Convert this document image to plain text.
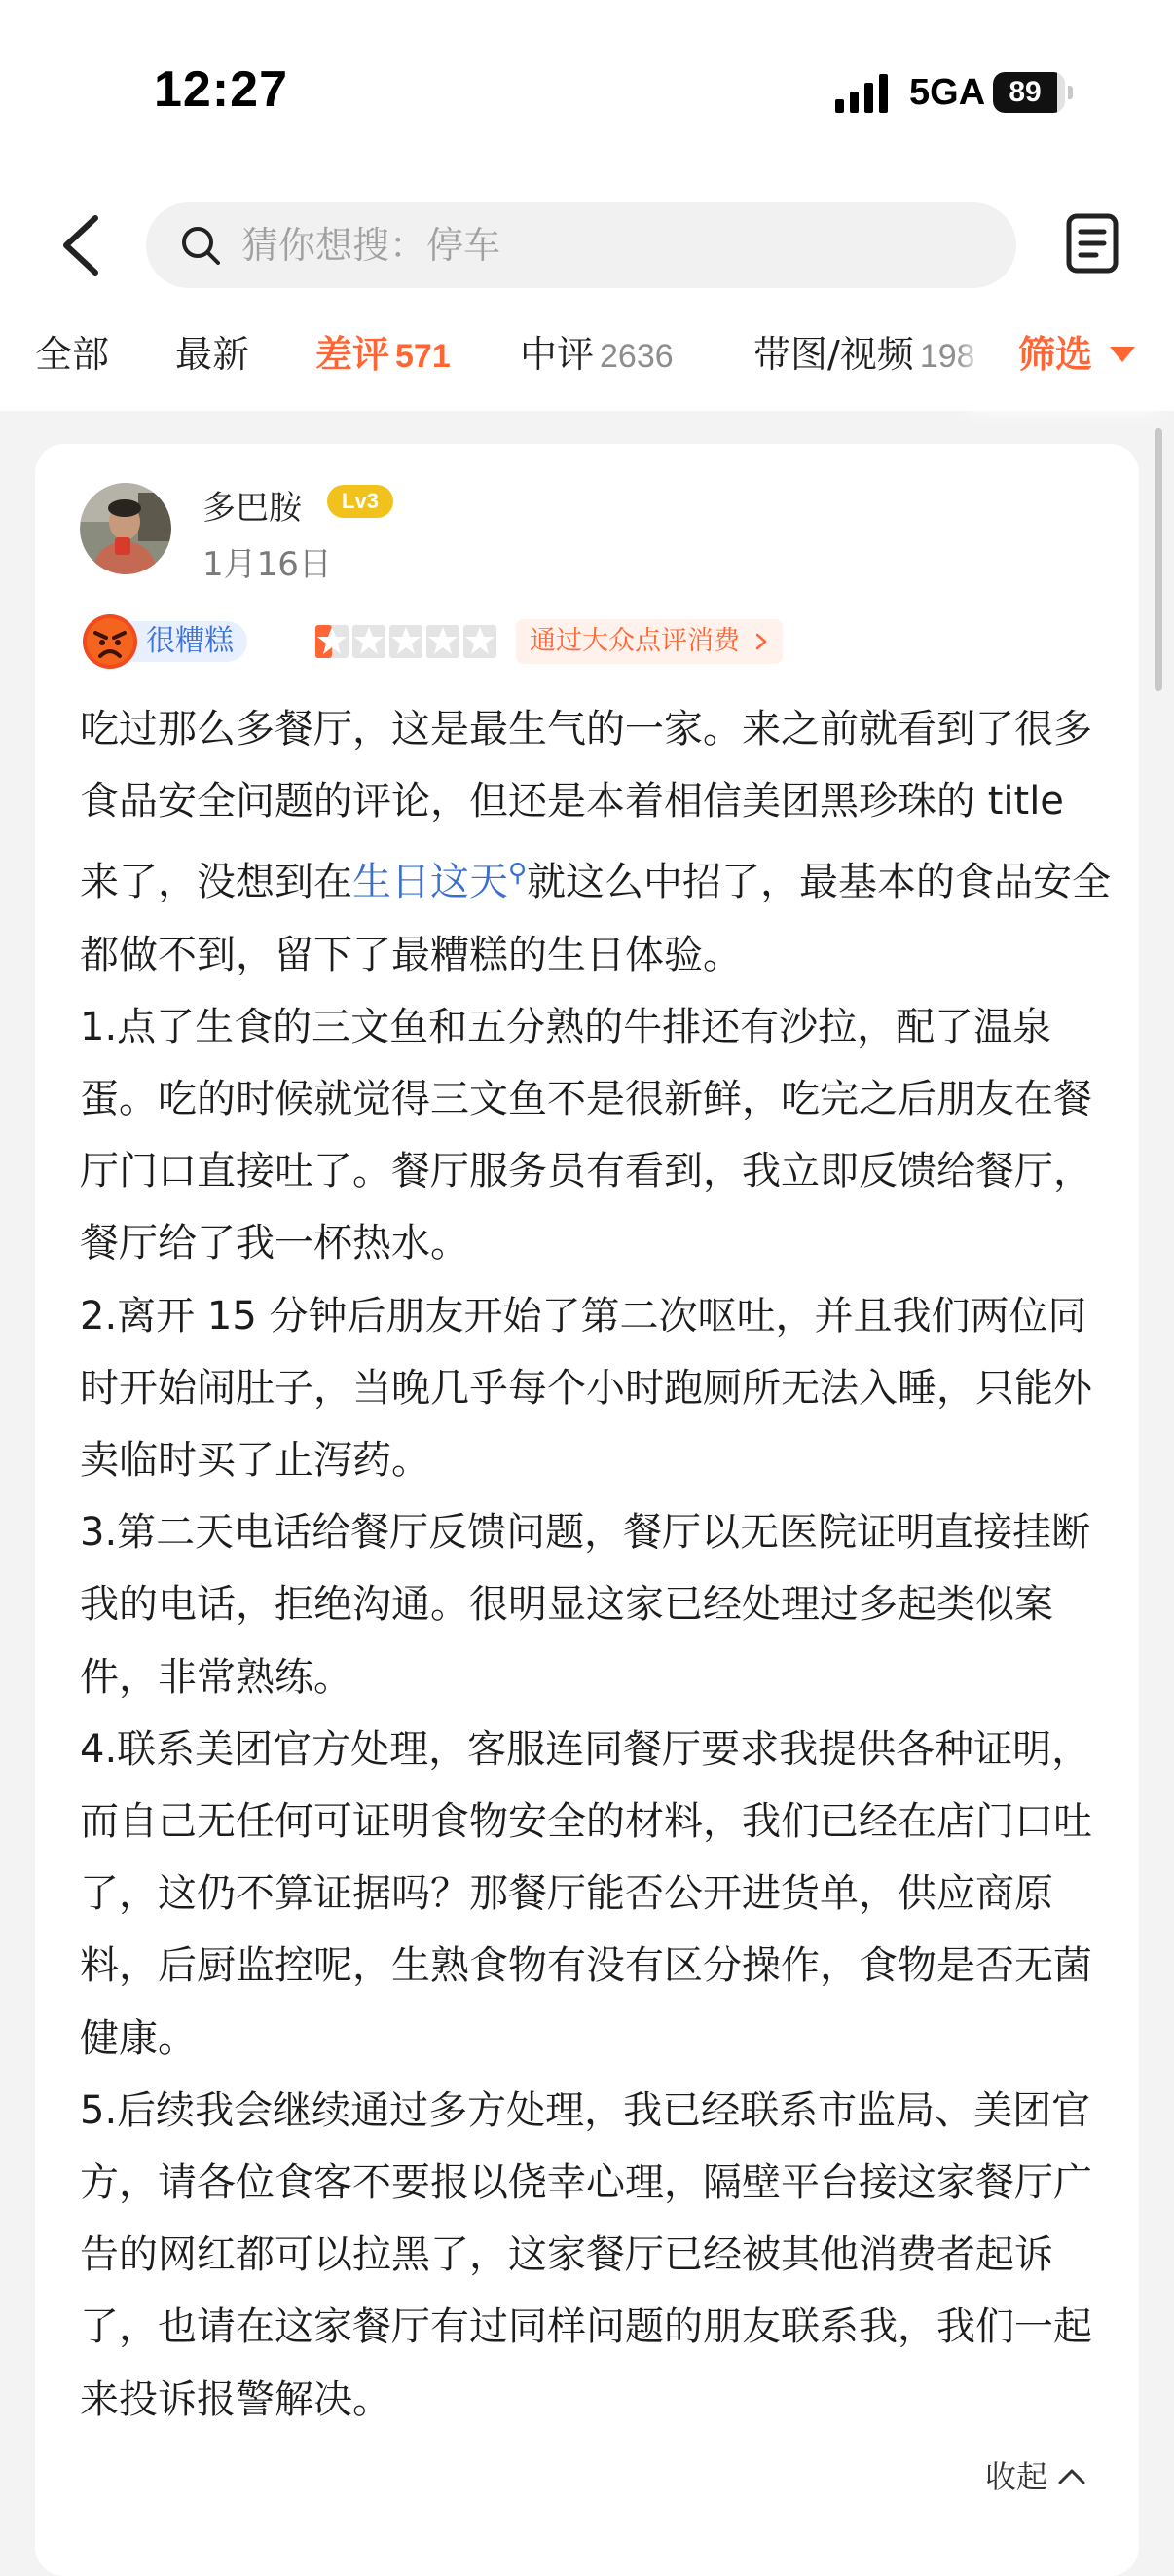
12:27	5GA 89
猜你想搜：停车
全部 最新 差评 571 中评 2636 带图/视频 198 筛选
多巴胺	Lv3
1月16日
很糟糕	通过大众点评消费

吃过那么多餐厅，这是最生气的一家。来之前就看到了很多食品安全问题的评论，但还是本着相信美团黑珍珠的 title 来了，没想到在生日这天⚲就这么中招了，最基本的食品安全都做不到，留下了最糟糕的生日体验。

1.点了生食的三文鱼和五分熟的牛排还有沙拉，配了温泉蛋。吃的时候就觉得三文鱼不是很新鲜，吃完之后朋友在餐厅门口直接吐了。餐厅服务员有看到，我立即反馈给餐厅，餐厅给了我一杯热水。

2.离开 15 分钟后朋友开始了第二次呕吐，并且我们两位同时开始闹肚子，当晚几乎每个小时跑厕所无法入睡，只能外卖临时买了止泻药。

3.第二天电话给餐厅反馈问题，餐厅以无医院证明直接挂断我的电话，拒绝沟通。很明显这家已经处理过多起类似案件，非常熟练。

4.联系美团官方处理，客服连同餐厅要求我提供各种证明，而自己无任何可证明食物安全的材料，我们已经在店门口吐了，这仍不算证据吗？那餐厅能否公开进货单，供应商原料，后厨监控呢，生熟食物有没有区分操作，食物是否无菌健康。

5.后续我会继续通过多方处理，我已经联系市监局、美团官方，请各位食客不要报以侥幸心理，隔壁平台接这家餐厅广告的网红都可以拉黑了，这家餐厅已经被其他消费者起诉了，也请在这家餐厅有过同样问题的朋友联系我，我们一起来投诉报警解决。

收起
